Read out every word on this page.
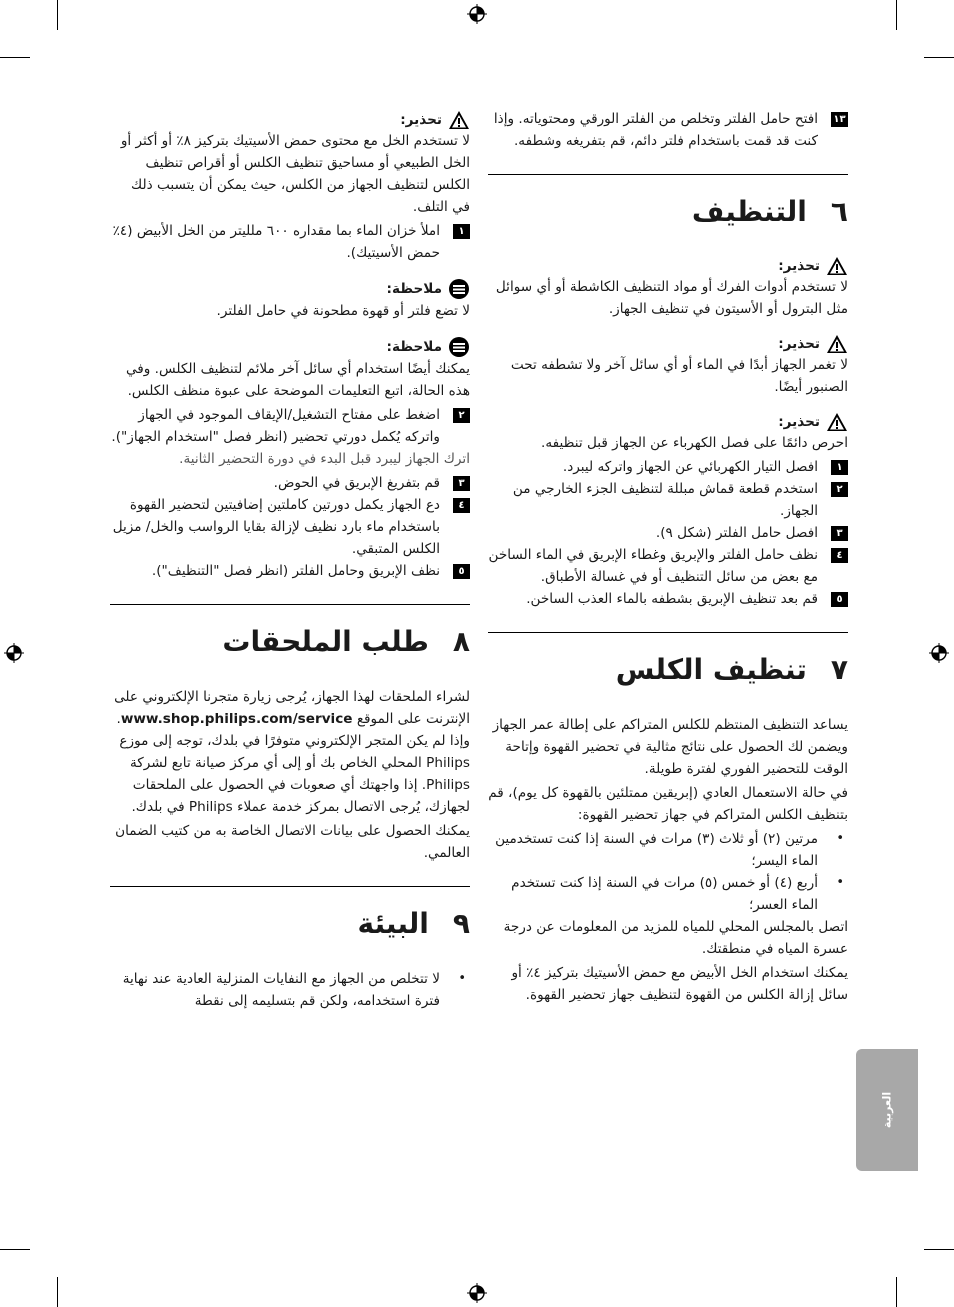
١٣
افتح حامل الفلتر وتخلص من الفلتر الورقي ومحتوياته. وإذا كنت قد قمت باستخدام فلتر دائم، قم بتفريغه وشطفه.
٦
التنظيف
تحذير:

لا تستخدم أدوات الفرك أو مواد التنظيف الكاشطة أو أي سوائل مثل البترول أو الأسيتون في تنظيف الجهاز.

تحذير:

لا تغمر الجهاز أبدًا في الماء أو أي سائل آخر ولا تشطفه تحت الصنبور أيضًا.

تحذير:

احرص دائمًا على فصل الكهرباء عن الجهاز قبل تنظيفه.

١
افصل التيار الكهربائي عن الجهاز واتركه ليبرد.
٢
استخدم قطعة قماش مبللة لتنظيف الجزء الخارجي من الجهاز.
٣
افصل حامل الفلتر (شكل ٩).
٤
نظف حامل الفلتر والإبريق وغطاء الإبريق في الماء الساخن مع بعض من سائل التنظيف أو في غسالة الأطباق.
٥
قم بعد تنظيف الإبريق بشطفه بالماء العذب الساخن.
٧
تنظيف الكلس

يساعد التنظيف المنتظم للكلس المتراكم على إطالة عمر الجهاز ويضمن لك الحصول على نتائج مثالية في تحضير القهوة وإتاحة الوقت للتحضير الفوري لفترة طويلة.

في حالة الاستعمال العادي (إبريقين ممتلئين بالقهوة كل يوم)، قم بتنظيف الكلس المتراكم في جهاز تحضير القهوة:

•
مرتين (٢) أو ثلاث (٣) مرات في السنة إذا كنت تستخدمين الماء اليسر؛
•
أربع (٤) أو خمس (٥) مرات في السنة إذا كنت تستخدم الماء العسر؛

اتصل بالمجلس المحلي للمياه للمزيد من المعلومات عن درجة عسرة المياه في منطقتك.

يمكنك استخدام الخل الأبيض مع حمض الأسيتيك بتركيز ٤٪ أو سائل إزالة الكلس من القهوة لتنظيف جهاز تحضير القهوة.

تحذير:

لا تستخدم الخل مع محتوى حمض الأسيتيك بتركيز ٨٪ أو أكثر أو الخل الطبيعي أو مساحيق تنظيف الكلس أو أقراص تنظيف الكلس لتنظيف الجهاز من الكلس، حيث يمكن أن يتسبب ذلك في التلف.

١
املأ خزان الماء بما مقداره ٦٠٠ ملليتر من الخل الأبيض (٤٪ حمض الأسيتيك).
ملاحظة:

لا تضع فلتر أو قهوة مطحونة في حامل الفلتر.

ملاحظة:

يمكنك أيضًا استخدام أي سائل آخر ملائم لتنظيف الكلس. وفي هذه الحالة، اتبع التعليمات الموضحة على عبوة منظف الكلس.

٢
اضغط على مفتاح التشغيل/الإيقاف الموجود في الجهاز واتركه يُكمل دورتي تحضير (انظر فصل "استخدام الجهاز").

اترك الجهاز ليبرد قبل البدء في دورة التحضير الثانية.

٣
قم بتفريغ الإبريق في الحوض.
٤
دع الجهاز يكمل دورتين كاملتين إضافيتين لتحضير القهوة باستخدام ماء بارد نظيف لإزالة بقايا الرواسب والخل/ مزيل الكلس المتبقي.
٥
نظف الإبريق وحامل الفلتر (انظر فصل "التنظيف").
٨
طلب الملحقات

لشراء الملحقات لهذا الجهاز، يُرجى زيارة متجرنا الإلكتروني على الإنترنت على الموقع www.shop.philips.com/service. وإذا لم يكن المتجر الإلكتروني متوفرًا في بلدك، توجه إلى موزع Philips المحلي الخاص بك أو إلى أي مركز صيانة تابع لشركة Philips. إذا واجهتك أي صعوبات في الحصول على الملحقات لجهازك، يُرجى الاتصال بمركز خدمة عملاء Philips في بلدك.

يمكنك الحصول على بيانات الاتصال الخاصة به من كتيب الضمان العالمي.

٩
البيئة
•
لا تتخلص من الجهاز مع النفايات المنزلية العادية عند نهاية فترة استخدامه، ولكن قم بتسليمه إلى نقطة
العربية
